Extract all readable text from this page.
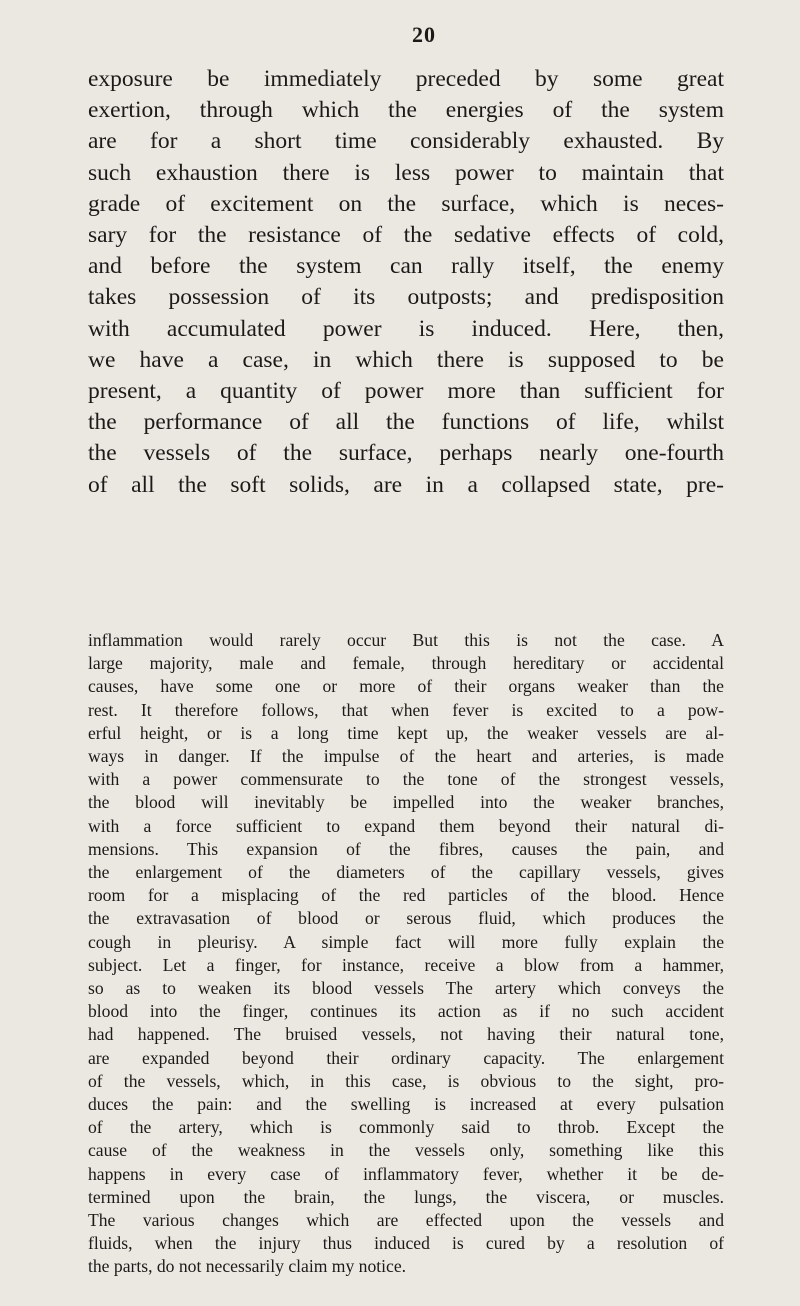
20
exposure be immediately preceded by some great
exertion, through which the energies of the system
are for a short time considerably exhausted. By
such exhaustion there is less power to maintain that
grade of excitement on the surface, which is neces-
sary for the resistance of the sedative effects of cold,
and before the system can rally itself, the enemy
takes possession of its outposts; and predisposition
with accumulated power is induced. Here, then,
we have a case, in which there is supposed to be
present, a quantity of power more than sufficient for
the performance of all the functions of life, whilst
the vessels of the surface, perhaps nearly one-fourth
of all the soft solids, are in a collapsed state, pre-
inflammation would rarely occur But this is not the case. A
large majority, male and female, through hereditary or accidental
causes, have some one or more of their organs weaker than the
rest. It therefore follows, that when fever is excited to a pow-
erful height, or is a long time kept up, the weaker vessels are al-
ways in danger. If the impulse of the heart and arteries, is made
with a power commensurate to the tone of the strongest vessels,
the blood will inevitably be impelled into the weaker branches,
with a force sufficient to expand them beyond their natural di-
mensions. This expansion of the fibres, causes the pain, and
the enlargement of the diameters of the capillary vessels, gives
room for a misplacing of the red particles of the blood. Hence
the extravasation of blood or serous fluid, which produces the
cough in pleurisy. A simple fact will more fully explain the
subject. Let a finger, for instance, receive a blow from a hammer,
so as to weaken its blood vessels The artery which conveys the
blood into the finger, continues its action as if no such accident
had happened. The bruised vessels, not having their natural tone,
are expanded beyond their ordinary capacity. The enlargement
of the vessels, which, in this case, is obvious to the sight, pro-
duces the pain: and the swelling is increased at every pulsation
of the artery, which is commonly said to throb. Except the
cause of the weakness in the vessels only, something like this
happens in every case of inflammatory fever, whether it be de-
termined upon the brain, the lungs, the viscera, or muscles.
The various changes which are effected upon the vessels and
fluids, when the injury thus induced is cured by a resolution of
the parts, do not necessarily claim my notice.
